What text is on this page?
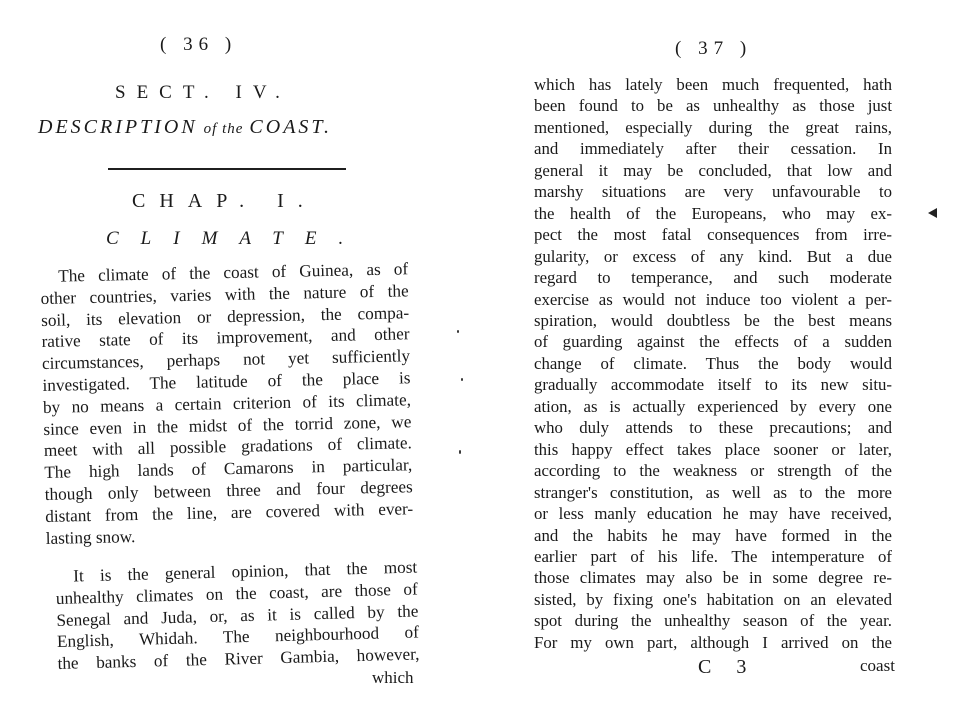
( 36 )
SECT. IV.
DESCRIPTION of the COAST.
CHAP. I.
CLIMATE.
The climate of the coast of Guinea, as of
other countries, varies with the nature of the
soil, its elevation or depression, the compa-
rative state of its improvement, and other
circumstances, perhaps not yet sufficiently
investigated. The latitude of the place is
by no means a certain criterion of its climate,
since even in the midst of the torrid zone, we
meet with all possible gradations of climate.
The high lands of Camarons in particular,
though only between three and four degrees
distant from the line, are covered with ever-
lasting snow.
It is the general opinion, that the most
unhealthy climates on the coast, are those of
Senegal and Juda, or, as it is called by the
English, Whidah. The neighbourhood of
the banks of the River Gambia, however,
which
( 37 )
which has lately been much frequented, hath
been found to be as unhealthy as those just
mentioned, especially during the great rains,
and immediately after their cessation. In
general it may be concluded, that low and
marshy situations are very unfavourable to
the health of the Europeans, who may ex-
pect the most fatal consequences from irre-
gularity, or excess of any kind. But a due
regard to temperance, and such moderate
exercise as would not induce too violent a per-
spiration, would doubtless be the best means
of guarding against the effects of a sudden
change of climate. Thus the body would
gradually accommodate itself to its new situ-
ation, as is actually experienced by every one
who duly attends to these precautions; and
this happy effect takes place sooner or later,
according to the weakness or strength of the
stranger's constitution, as well as to the more
or less manly education he may have received,
and the habits he may have formed in the
earlier part of his life. The intemperature of
those climates may also be in some degree re-
sisted, by fixing one's habitation on an elevated
spot during the unhealthy season of the year.
For my own part, although I arrived on the
C 3	coast
